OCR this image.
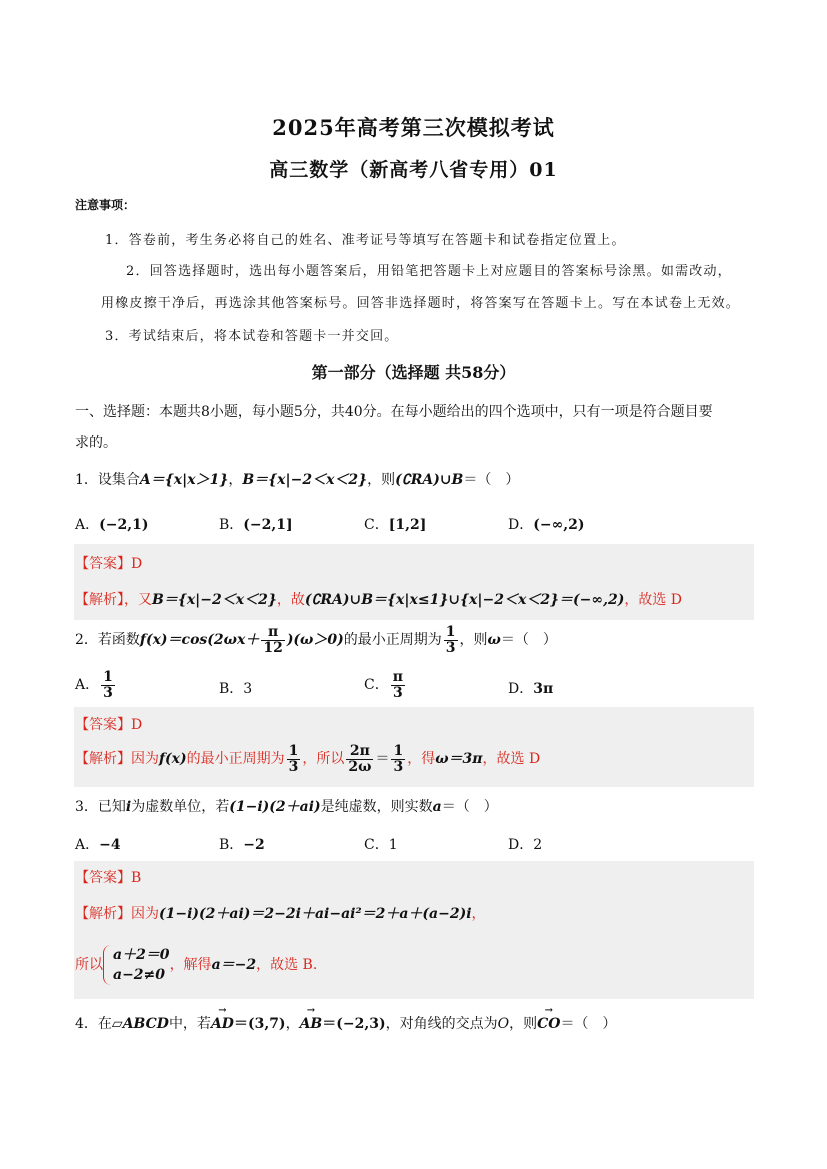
2025年高考第三次模拟考试
高三数学（新高考八省专用）01
注意事项：
1．答卷前，考生务必将自己的姓名、准考证号等填写在答题卡和试卷指定位置上。
2．回答选择题时，选出每小题答案后，用铅笔把答题卡上对应题目的答案标号涂黑。如需改动，
用橡皮擦干净后，再选涂其他答案标号。回答非选择题时，将答案写在答题卡上。写在本试卷上无效。
3．考试结束后，将本试卷和答题卡一并交回。
第一部分（选择题 共58分）
一、选择题：本题共8小题，每小题5分，共40分。在每小题给出的四个选项中，只有一项是符合题目要
求的。
1．设集合A＝{x|x＞1}，B＝{x|−2＜x＜2}，则(∁RA)∪B＝（　）
A．(−2,1)	B．(−2,1]	C．[1,2]	D．(−∞,2)
【答案】D
【解析】，又B＝{x|−2＜x＜2}，故(∁RA)∪B＝{x|x≤1}∪{x|−2＜x＜2}＝(−∞,2)，故选 D
2．若函数$f(x)=\cos(2\omega x+ \frac{\pi}{12} )(\omega>0)$的最小正周期为 $\frac{1}{3}$ ，则ω＝（　）
A． $\frac{1}{3}$	B．3	C． $\frac{\pi}{3}$	D．3π
【答案】D
【解析】因为f(x)的最小正周期为 $\frac{1}{3}$ ，所以 $\frac{2\pi}{2\omega} = \frac{1}{3}$ ，得ω＝3π，故选 D
3．已知i为虚数单位，若(1−i)(2＋ai)是纯虚数，则实数a＝（　）
A．−4	B．−2	C．1	D．2
【答案】B
【解析】因为(1−i)(2＋ai)＝2−2i＋ai−ai²＝2＋a＋(a−2)i，
所以
a＋2＝0
a−2≠0
，解得a＝−2，故选 B.
4．在▱ABCD中，若→ AD＝(3,7)，→ AB＝(−2,3)，对角线的交点为O，则→ CO＝（　）
